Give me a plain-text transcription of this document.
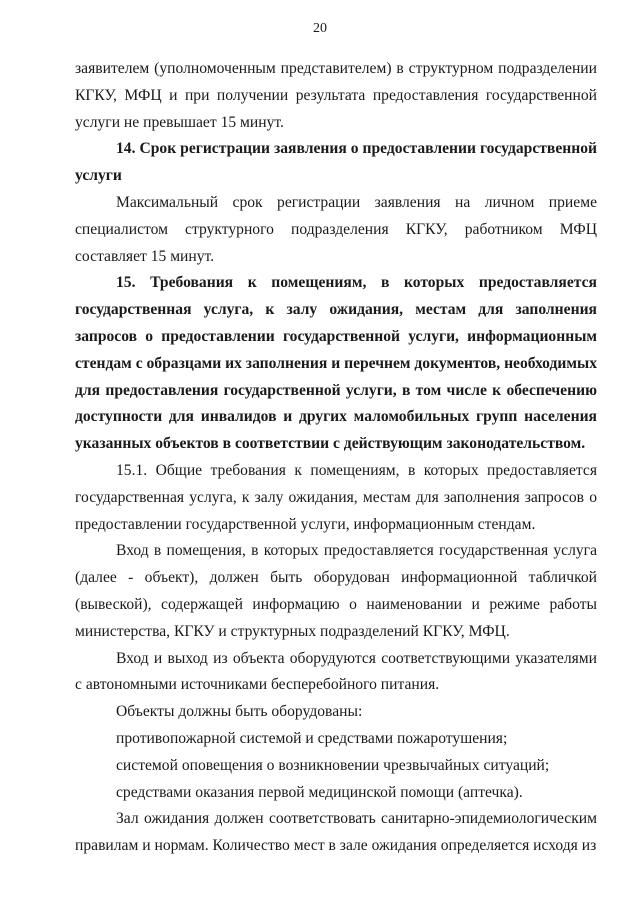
20

заявителем (уполномоченным представителем) в структурном подразделении КГКУ, МФЦ и при получении результата предоставления государственной услуги не превышает 15 минут.

14. Срок регистрации заявления о предоставлении государственной услуги

Максимальный срок регистрации заявления на личном приеме специалистом структурного подразделения КГКУ, работником МФЦ составляет 15 минут.

15. Требования к помещениям, в которых предоставляется государственная услуга, к залу ожидания, местам для заполнения запросов о предоставлении государственной услуги, информационным стендам с образцами их заполнения и перечнем документов, необходимых для предоставления государственной услуги, в том числе к обеспечению доступности для инвалидов и других маломобильных групп населения указанных объектов в соответствии с действующим законодательством.

15.1. Общие требования к помещениям, в которых предоставляется государственная услуга, к залу ожидания, местам для заполнения запросов о предоставлении государственной услуги, информационным стендам.

Вход в помещения, в которых предоставляется государственная услуга (далее - объект), должен быть оборудован информационной табличкой (вывеской), содержащей информацию о наименовании и режиме работы министерства, КГКУ и структурных подразделений КГКУ, МФЦ.

Вход и выход из объекта оборудуются соответствующими указателями с автономными источниками бесперебойного питания.

Объекты должны быть оборудованы:

противопожарной системой и средствами пожаротушения;

системой оповещения о возникновении чрезвычайных ситуаций;

средствами оказания первой медицинской помощи (аптечка).

Зал ожидания должен соответствовать санитарно-эпидемиологическим правилам и нормам. Количество мест в зале ожидания определяется исходя из
